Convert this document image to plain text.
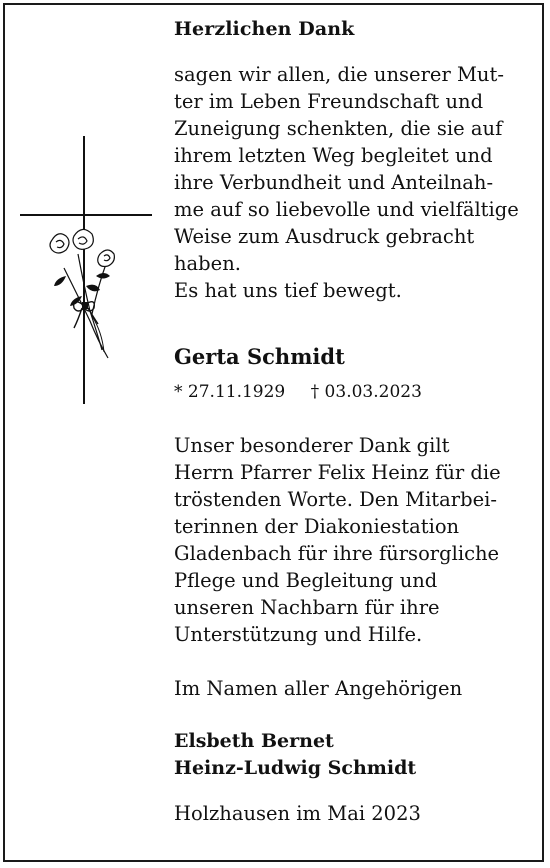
Herzlichen Dank

sagen wir allen, die unserer Mut-
ter im Leben Freundschaft und
Zuneigung schenkten, die sie auf
ihrem letzten Weg begleitet und
ihre Verbundheit und Anteilnah-
me auf so liebevolle und vielfältige
Weise zum Ausdruck gebracht
haben.
Es hat uns tief bewegt.

Gerta Schmidt
* 27.11.1929 † 03.03.2023

Unser besonderer Dank gilt
Herrn Pfarrer Felix Heinz für die
tröstenden Worte. Den Mitarbei-
terinnen der Diakoniestation
Gladenbach für ihre fürsorgliche
Pflege und Begleitung und
unseren Nachbarn für ihre
Unterstützung und Hilfe.

Im Namen aller Angehörigen

Elsbeth Bernet
Heinz-Ludwig Schmidt
Holzhausen im Mai 2023
